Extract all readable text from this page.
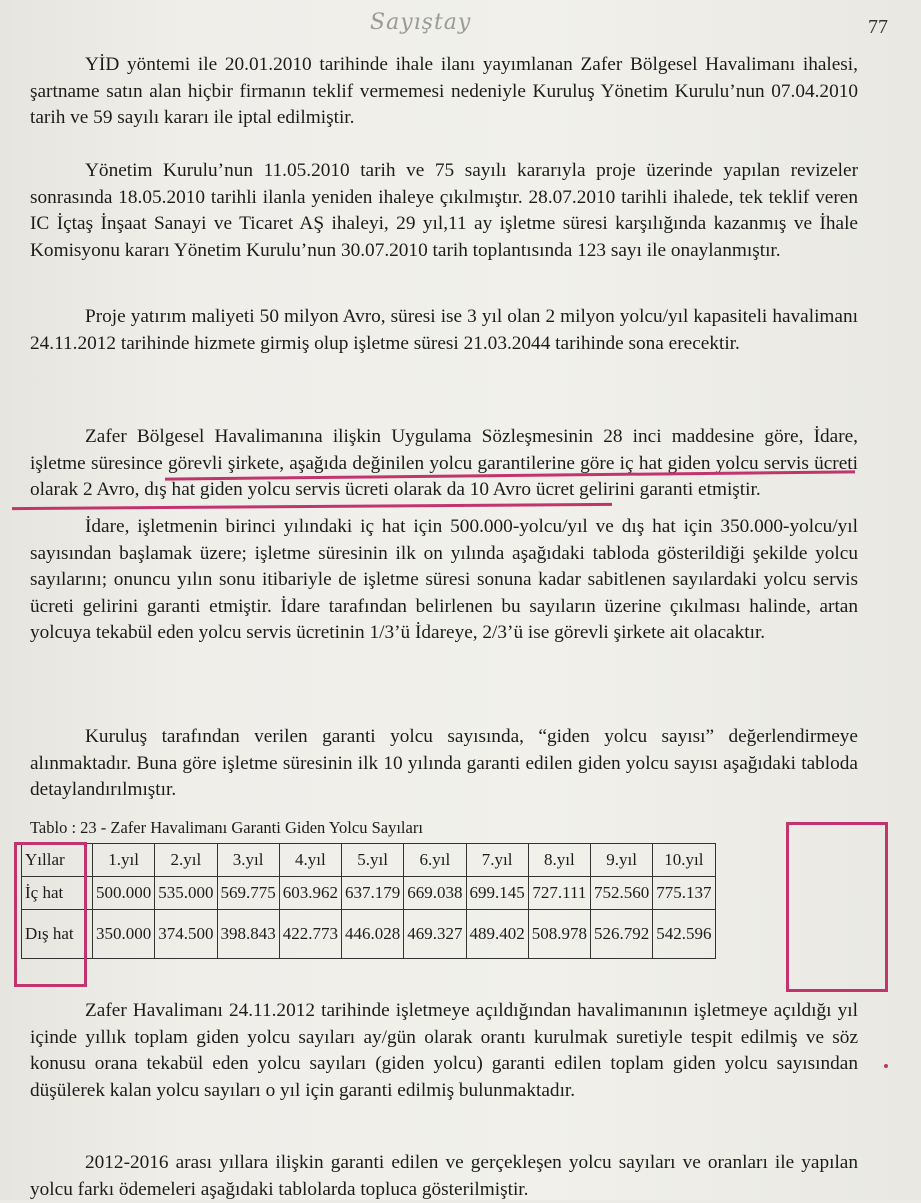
Sayıştay	77

YİD yöntemi ile 20.01.2010 tarihinde ihale ilanı yayımlanan Zafer Bölgesel Havalimanı ihalesi, şartname satın alan hiçbir firmanın teklif vermemesi nedeniyle Kuruluş Yönetim Kurulu’nun 07.04.2010 tarih ve 59 sayılı kararı ile iptal edilmiştir.

Yönetim Kurulu’nun 11.05.2010 tarih ve 75 sayılı kararıyla proje üzerinde yapılan revizeler sonrasında 18.05.2010 tarihli ilanla yeniden ihaleye çıkılmıştır. 28.07.2010 tarihli ihalede, tek teklif veren IC İçtaş İnşaat Sanayi ve Ticaret AŞ ihaleyi, 29 yıl,11 ay işletme süresi karşılığında kazanmış ve İhale Komisyonu kararı Yönetim Kurulu’nun 30.07.2010 tarih toplantısında 123 sayı ile onaylanmıştır.

Proje yatırım maliyeti 50 milyon Avro, süresi ise 3 yıl olan 2 milyon yolcu/yıl kapasiteli havalimanı 24.11.2012 tarihinde hizmete girmiş olup işletme süresi 21.03.2044 tarihinde sona erecektir.

Zafer Bölgesel Havalimanına ilişkin Uygulama Sözleşmesinin 28 inci maddesine göre, İdare, işletme süresince görevli şirkete, aşağıda değinilen yolcu garantilerine göre iç hat giden yolcu servis ücreti olarak 2 Avro, dış hat giden yolcu servis ücreti olarak da 10 Avro ücret gelirini garanti etmiştir.

İdare, işletmenin birinci yılındaki iç hat için 500.000-yolcu/yıl ve dış hat için 350.000-yolcu/yıl sayısından başlamak üzere; işletme süresinin ilk on yılında aşağıdaki tabloda gösterildiği şekilde yolcu sayılarını; onuncu yılın sonu itibariyle de işletme süresi sonuna kadar sabitlenen sayılardaki yolcu servis ücreti gelirini garanti etmiştir. İdare tarafından belirlenen bu sayıların üzerine çıkılması halinde, artan yolcuya tekabül eden yolcu servis ücretinin 1/3’ü İdareye, 2/3’ü ise görevli şirkete ait olacaktır.

Kuruluş tarafından verilen garanti yolcu sayısında, “giden yolcu sayısı” değerlendirmeye alınmaktadır. Buna göre işletme süresinin ilk 10 yılında garanti edilen giden yolcu sayısı aşağıdaki tabloda detaylandırılmıştır.

Tablo : 23 - Zafer Havalimanı Garanti Giden Yolcu Sayıları
Yıllar	1.yıl	2.yıl	3.yıl	4.yıl	5.yıl	6.yıl	7.yıl	8.yıl	9.yıl	10.yıl
İç hat	500.000	535.000	569.775	603.962	637.179	669.038	699.145	727.111	752.560	775.137
Dış hat	350.000	374.500	398.843	422.773	446.028	469.327	489.402	508.978	526.792	542.596

Zafer Havalimanı 24.11.2012 tarihinde işletmeye açıldığından havalimanının işletmeye açıldığı yıl içinde yıllık toplam giden yolcu sayıları ay/gün olarak orantı kurulmak suretiyle tespit edilmiş ve söz konusu orana tekabül eden yolcu sayıları (giden yolcu) garanti edilen toplam giden yolcu sayısından düşülerek kalan yolcu sayıları o yıl için garanti edilmiş bulunmaktadır.

2012-2016 arası yıllara ilişkin garanti edilen ve gerçekleşen yolcu sayıları ve oranları ile yapılan yolcu farkı ödemeleri aşağıdaki tablolarda topluca gösterilmiştir.
